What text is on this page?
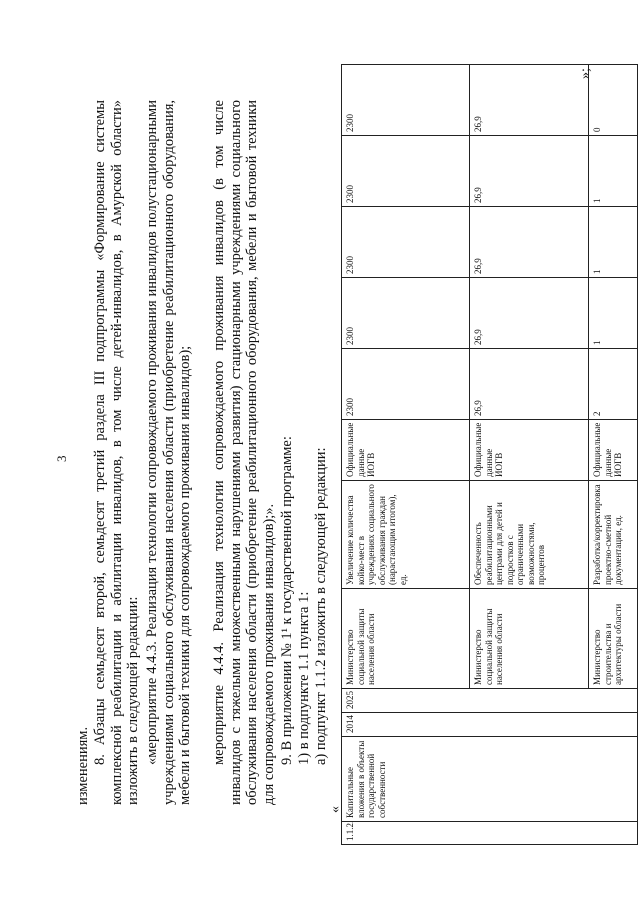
3

изменениям.

8. Абзацы семьдесят второй, семьдесят третий раздела III подпрограммы «Формирование системы комплексной реабилитации и абилитации инвалидов, в том числе детей-инвалидов, в Амурской области» изложить в следующей редакции: «мероприятие 4.4.3. Реализация технологии сопровождаемого проживания инвалидов полустационарными учреждениями социального обслуживания населения области (приобретение реабилитационного оборудования, мебели и бытовой техники для сопровождаемого проживания инвалидов); мероприятие 4.4.4. Реализация технологии сопровождаемого проживания инвалидов (в том числе инвалидов с тяжелыми множественными нарушениями развития) стационарными учреждениями социального обслуживания населения области (приобретение реабилитационного оборудования, мебели и бытовой техники для сопровождаемого проживания инвалидов);». 9. В приложении № 1¹ к государственной программе: 1) в подпункте 1.1 пункта 1: а) подпункт 1.1.2 изложить в следующей редакции:
«
1.1.2.	Капитальные вложения в объекты государственной собственности	2014	2025	Министерство социальной защиты населения области	Увеличение количества койко-мест в учреждениях социального обслуживания граждан (нарастающим итогом), ед.	Официальные данные ИОГВ	2300	2300	2300	2300	2300
				Министерство социальной защиты населения области	Обеспеченность реабилитационными центрами для детей и подростков с ограниченными возможностями, процентов	Официальные данные ИОГВ	26,9	26,9	26,9	26,9	26,9
				Министерство строительства и архитектуры области	Разработка/корректировка проектно-сметной документации, ед.	Официальные данные ИОГВ	2	1	1	1	0
»;
